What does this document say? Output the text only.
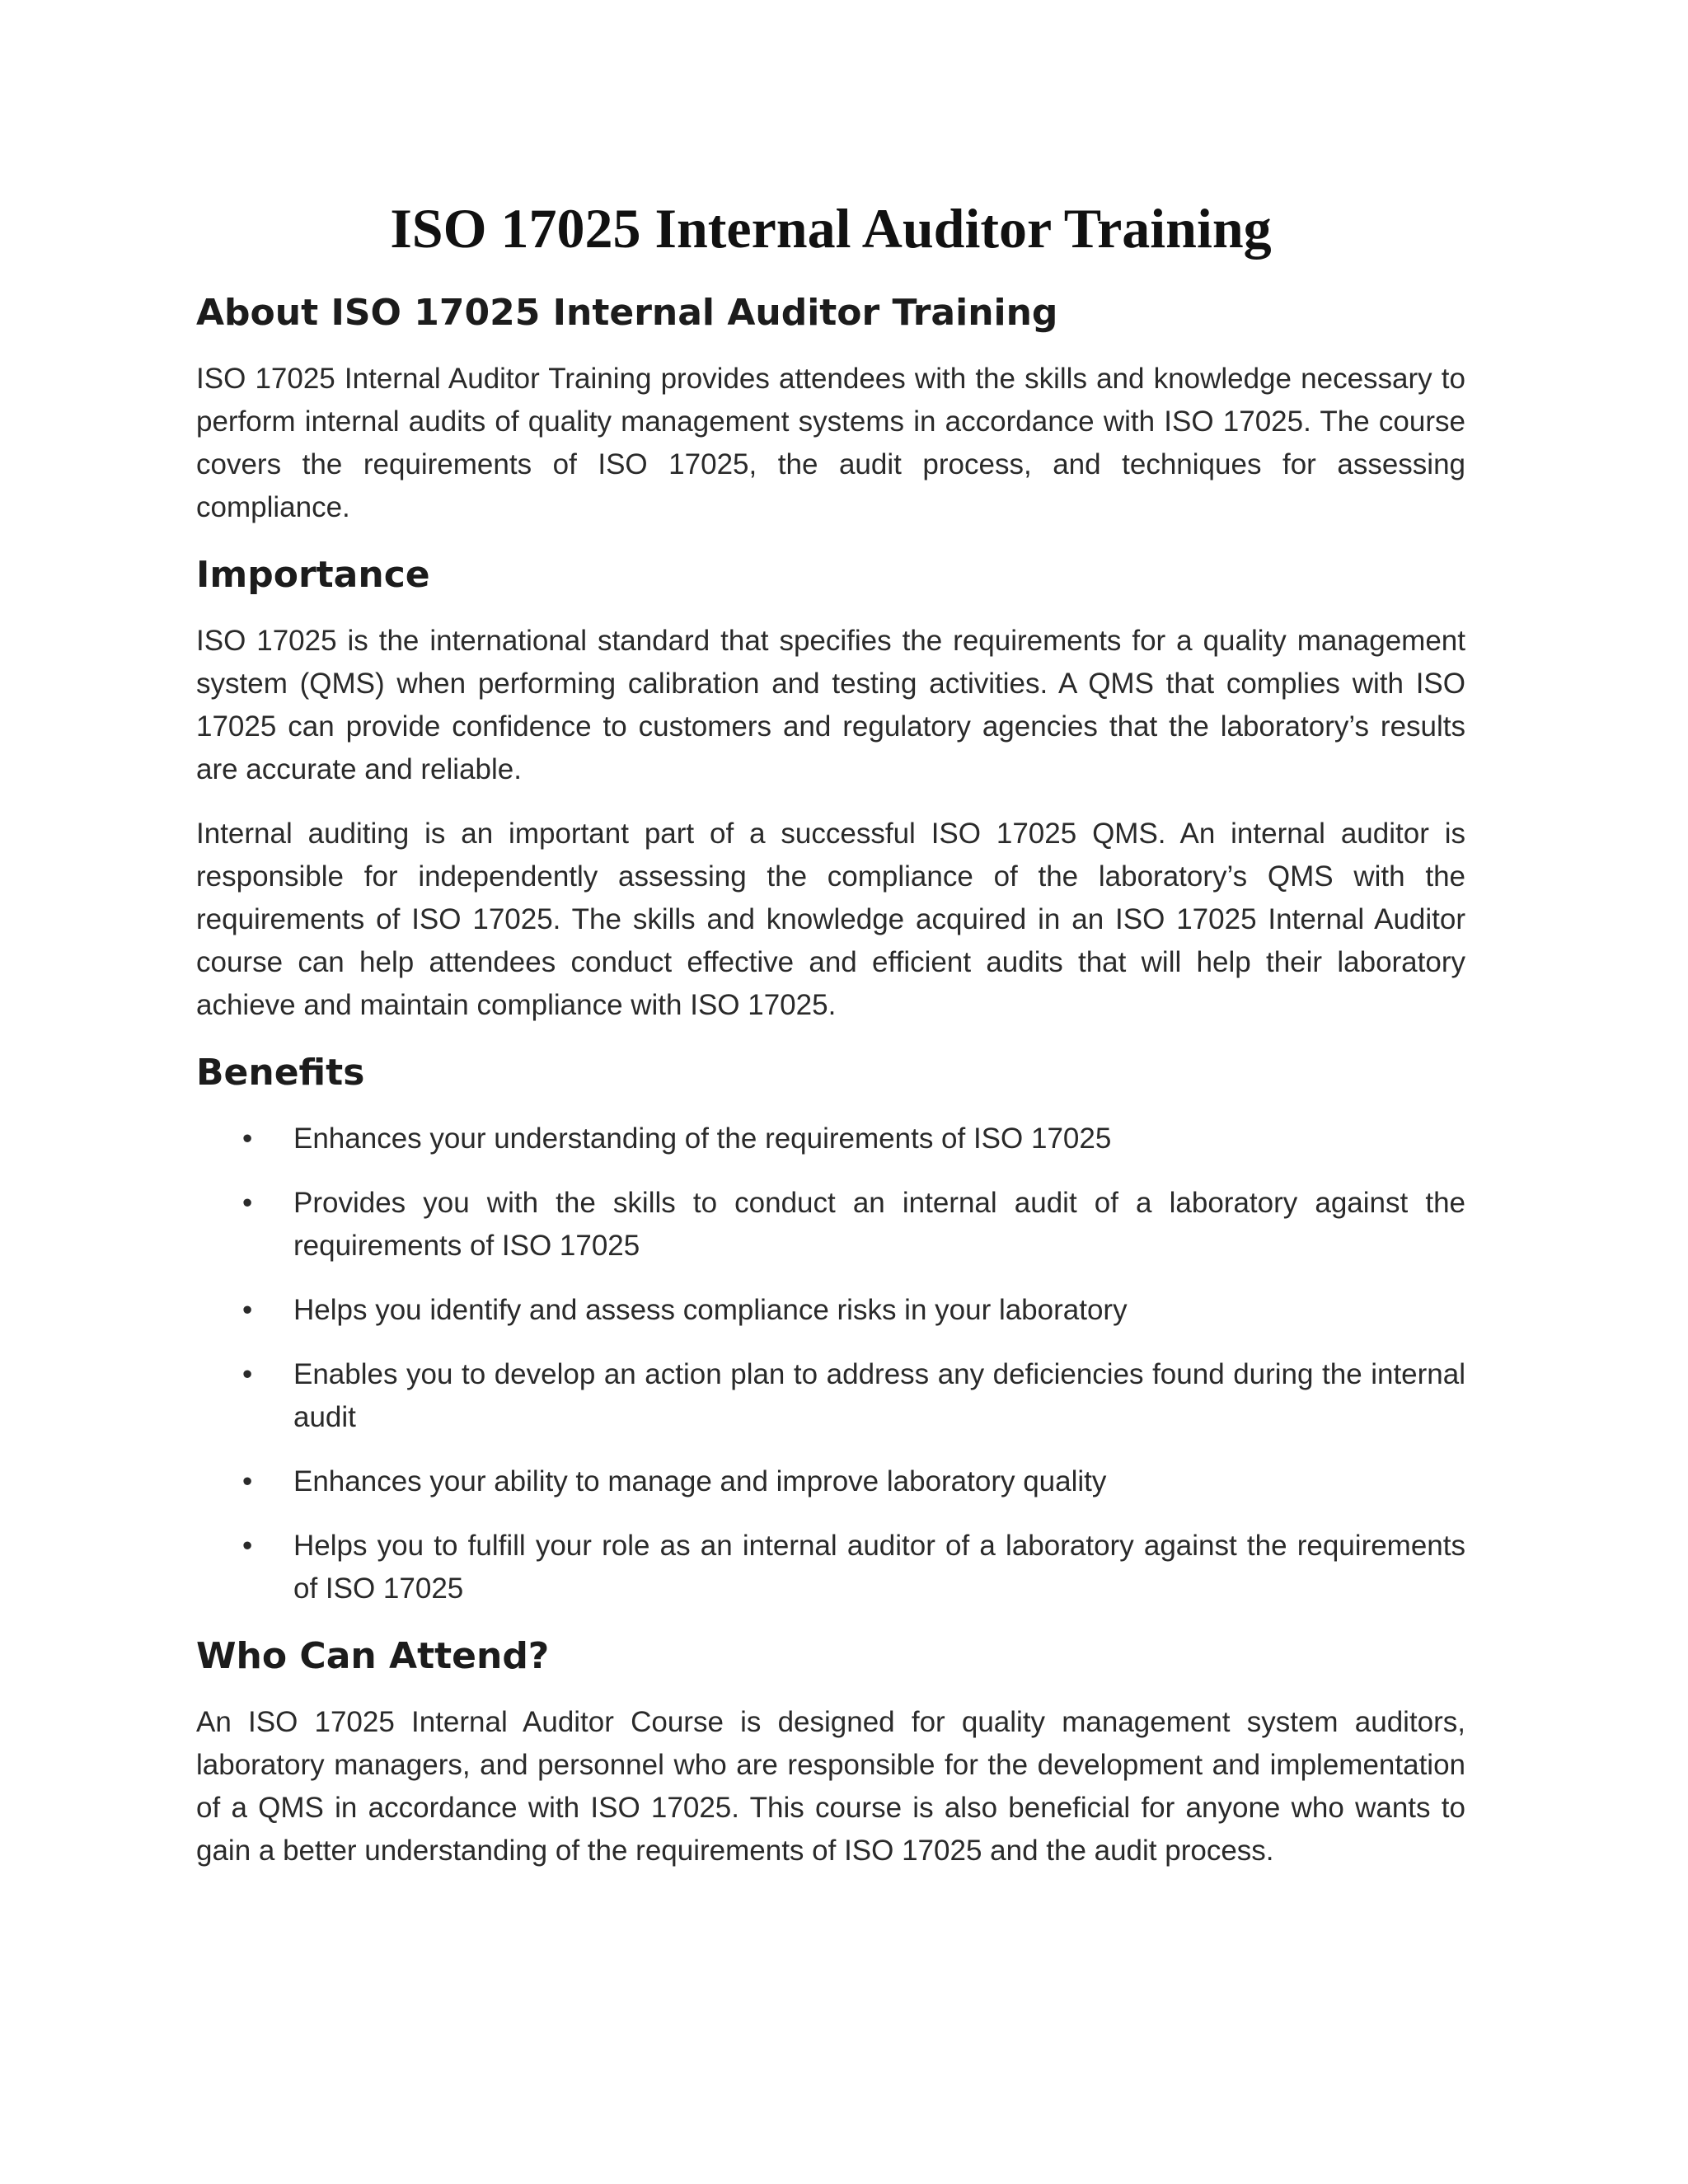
ISO 17025 Internal Auditor Training
About ISO 17025 Internal Auditor Training

ISO 17025 Internal Auditor Training provides attendees with the skills and knowledge necessary to perform internal audits of quality management systems in accordance with ISO 17025. The course covers the requirements of ISO 17025, the audit process, and techniques for assessing compliance.

Importance

ISO 17025 is the international standard that specifies the requirements for a quality management system (QMS) when performing calibration and testing activities. A QMS that complies with ISO 17025 can provide confidence to customers and regulatory agencies that the laboratory’s results are accurate and reliable.

Internal auditing is an important part of a successful ISO 17025 QMS. An internal auditor is responsible for independently assessing the compliance of the laboratory’s QMS with the requirements of ISO 17025. The skills and knowledge acquired in an ISO 17025 Internal Auditor course can help attendees conduct effective and efficient audits that will help their laboratory achieve and maintain compliance with ISO 17025.

Benefits
• Enhances your understanding of the requirements of ISO 17025
• Provides you with the skills to conduct an internal audit of a laboratory against the requirements of ISO 17025
• Helps you identify and assess compliance risks in your laboratory
• Enables you to develop an action plan to address any deficiencies found during the internal audit
• Enhances your ability to manage and improve laboratory quality
• Helps you to fulfill your role as an internal auditor of a laboratory against the requirements of ISO 17025
Who Can Attend?

An ISO 17025 Internal Auditor Course is designed for quality management system auditors, laboratory managers, and personnel who are responsible for the development and implementation of a QMS in accordance with ISO 17025. This course is also beneficial for anyone who wants to gain a better understanding of the requirements of ISO 17025 and the audit process.
